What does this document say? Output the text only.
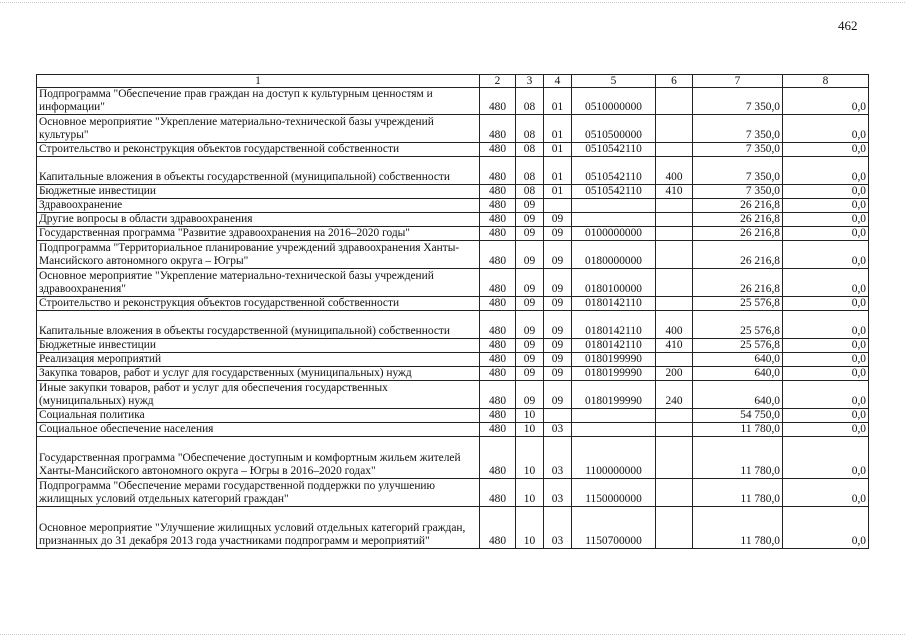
462
1	2	3	4	5	6	7	8
Подпрограмма "Обеспечение прав граждан на доступ к культурным ценностям и информации"	480	08	01	0510000000		7 350,0	0,0
Основное мероприятие "Укрепление материально-технической базы учреждений культуры"	480	08	01	0510500000		7 350,0	0,0
Строительство и реконструкция объектов государственной собственности	480	08	01	0510542110		7 350,0	0,0
Капитальные вложения в объекты государственной (муниципальной) собственности	480	08	01	0510542110	400	7 350,0	0,0
Бюджетные инвестиции	480	08	01	0510542110	410	7 350,0	0,0
Здравоохранение	480	09				26 216,8	0,0
Другие вопросы в области здравоохранения	480	09	09			26 216,8	0,0
Государственная программа "Развитие здравоохранения на 2016–2020 годы"	480	09	09	0100000000		26 216,8	0,0
Подпрограмма "Территориальное планирование учреждений здравоохранения Ханты-Мансийского автономного округа – Югры"	480	09	09	0180000000		26 216,8	0,0
Основное мероприятие "Укрепление материально-технической базы учреждений здравоохранения"	480	09	09	0180100000		26 216,8	0,0
Строительство и реконструкция объектов государственной собственности	480	09	09	0180142110		25 576,8	0,0
Капитальные вложения в объекты государственной (муниципальной) собственности	480	09	09	0180142110	400	25 576,8	0,0
Бюджетные инвестиции	480	09	09	0180142110	410	25 576,8	0,0
Реализация мероприятий	480	09	09	0180199990		640,0	0,0
Закупка товаров, работ и услуг для государственных (муниципальных) нужд	480	09	09	0180199990	200	640,0	0,0
Иные закупки товаров, работ и услуг для обеспечения государственных (муниципальных) нужд	480	09	09	0180199990	240	640,0	0,0
Социальная политика	480	10				54 750,0	0,0
Социальное обеспечение населения	480	10	03			11 780,0	0,0
Государственная программа "Обеспечение доступным и комфортным жильем жителей Ханты-Мансийского автономного округа – Югры в 2016–2020 годах"	480	10	03	1100000000		11 780,0	0,0
Подпрограмма "Обеспечение мерами государственной поддержки по улучшению жилищных условий отдельных категорий граждан"	480	10	03	1150000000		11 780,0	0,0
Основное мероприятие "Улучшение жилищных условий отдельных категорий граждан, признанных до 31 декабря 2013 года участниками подпрограмм и мероприятий"	480	10	03	1150700000		11 780,0	0,0
